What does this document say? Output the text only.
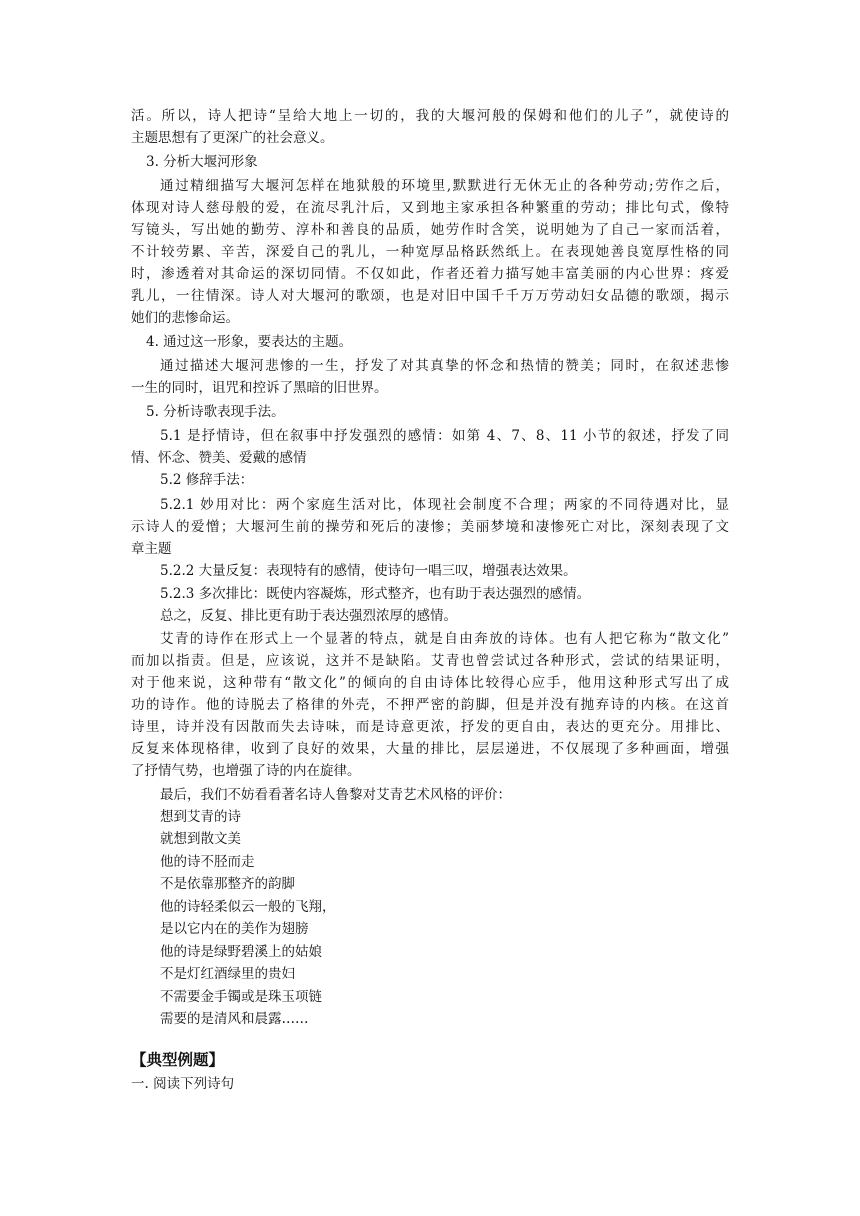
活。所以，诗人把诗“呈给大地上一切的，我的大堰河般的保姆和他们的儿子”，就使诗的
主题思想有了更深广的社会意义。
3. 分析大堰河形象
通过精细描写大堰河怎样在地狱般的环境里,默默进行无休无止的各种劳动;劳作之后，
体现对诗人慈母般的爱，在流尽乳汁后，又到地主家承担各种繁重的劳动；排比句式，像特
写镜头，写出她的勤劳、淳朴和善良的品质，她劳作时含笑，说明她为了自己一家而活着，
不计较劳累、辛苦，深爱自己的乳儿，一种宽厚品格跃然纸上。在表现她善良宽厚性格的同
时，渗透着对其命运的深切同情。不仅如此，作者还着力描写她丰富美丽的内心世界：疼爱
乳儿，一往情深。诗人对大堰河的歌颂，也是对旧中国千千万万劳动妇女品德的歌颂，揭示
她们的悲惨命运。
4. 通过这一形象，要表达的主题。
通过描述大堰河悲惨的一生，抒发了对其真挚的怀念和热情的赞美；同时，在叙述悲惨
一生的同时，诅咒和控诉了黑暗的旧世界。
5. 分析诗歌表现手法。
5.1 是抒情诗，但在叙事中抒发强烈的感情：如第 4、7、8、11 小节的叙述，抒发了同
情、怀念、赞美、爱戴的感情
5.2 修辞手法：
5.2.1 妙用对比：两个家庭生活对比，体现社会制度不合理；两家的不同待遇对比，显
示诗人的爱憎；大堰河生前的操劳和死后的凄惨；美丽梦境和凄惨死亡对比，深刻表现了文
章主题
5.2.2 大量反复：表现特有的感情，使诗句一唱三叹，增强表达效果。
5.2.3 多次排比：既使内容凝炼，形式整齐，也有助于表达强烈的感情。
总之，反复、排比更有助于表达强烈浓厚的感情。
艾青的诗作在形式上一个显著的特点，就是自由奔放的诗体。也有人把它称为“散文化”
而加以指责。但是，应该说，这并不是缺陷。艾青也曾尝试过各种形式，尝试的结果证明，
对于他来说，这种带有“散文化”的倾向的自由诗体比较得心应手，他用这种形式写出了成
功的诗作。他的诗脱去了格律的外壳，不押严密的韵脚，但是并没有抛弃诗的内核。在这首
诗里，诗并没有因散而失去诗味，而是诗意更浓，抒发的更自由，表达的更充分。用排比、
反复来体现格律，收到了良好的效果，大量的排比，层层递进，不仅展现了多种画面，增强
了抒情气势，也增强了诗的内在旋律。
最后，我们不妨看看著名诗人鲁黎对艾青艺术风格的评价：
想到艾青的诗
就想到散文美
他的诗不胫而走
不是依靠那整齐的韵脚
他的诗轻柔似云一般的飞翔，
是以它内在的美作为翅膀
他的诗是绿野碧溪上的姑娘
不是灯红酒绿里的贵妇
不需要金手镯或是珠玉项链
需要的是清风和晨露……
【典型例题】
一. 阅读下列诗句
